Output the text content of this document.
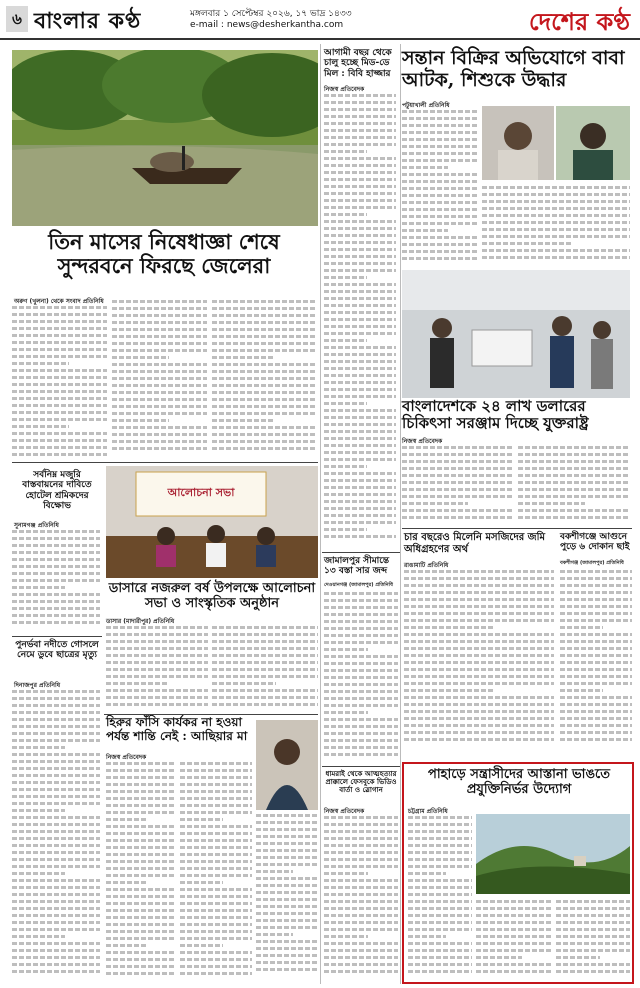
৬ বাংলার কণ্ঠ	মঙ্গলবার ১ সেপ্টেম্বর ২০২৬, ১৭ ভাদ্র ১৪৩৩
e-mail : news@desherkantha.com	দেশের কণ্ঠ
তিন মাসের নিষেধাজ্ঞা শেষে সুন্দরবনে ফিরছে জেলেরা
অরুণ (খুলনা) থেকে সংবাদ প্রতিনিধি
আগামী বছর থেকে চালু হচ্ছে মিড-ডে মিল : বিবি হাজ্জার
নিজস্ব প্রতিবেদক
সন্তান বিক্রির অভিযোগে বাবা আটক, শিশুকে উদ্ধার
পটুয়াখালী প্রতিনিধি
বাংলাদেশকে ২৪ লাখ ডলারের চিকিৎসা সরঞ্জাম দিচ্ছে যুক্তরাষ্ট্র
নিজস্ব প্রতিবেদক
জামালপুর সীমান্তে ১৩ বস্তা সার জব্দ
দেওয়ানগঞ্জ (জামালপুর) প্রতিনিধি
চার বছরেও মিলেনি মসজিদের জমি অধিগ্রহণের অর্থ
রাঙামাটি প্রতিনিধি
বকশীগঞ্জে আগুনে পুড়ে ৬ দোকান ছাই
বকশীগঞ্জ (জামালপুর) প্রতিনিধি
সর্বনিম্ন মজুরি বাস্তবায়নের দাবিতে হোটেল শ্রমিকদের বিক্ষোভ
সুনামগঞ্জ প্রতিনিধি
আলোচনা সভা
ডাসারে নজরুল বর্ষ উপলক্ষে আলোচনা সভা ও সাংস্কৃতিক অনুষ্ঠান
ডাসার (মাদারীপুর) প্রতিনিধি
পুনর্ভবা নদীতে গোসলে নেমে ডুবে ছাত্রের মৃত্যু
দিনাজপুর প্রতিনিধি
হিরুর ফাঁসি কার্যকর না হওয়া পর্যন্ত শান্তি নেই : আছিয়ার মা
নিজস্ব প্রতিবেদক
ধামরাই থেকে আত্মহত্যার প্রাক্কালে ফেসবুকে ভিডিও বার্তা ও স্লোগান
নিজস্ব প্রতিবেদক
পাহাড়ে সন্ত্রাসীদের আস্তানা ভাঙতে প্রযুক্তিনির্ভর উদ্যোগ
চট্টগ্রাম প্রতিনিধি
